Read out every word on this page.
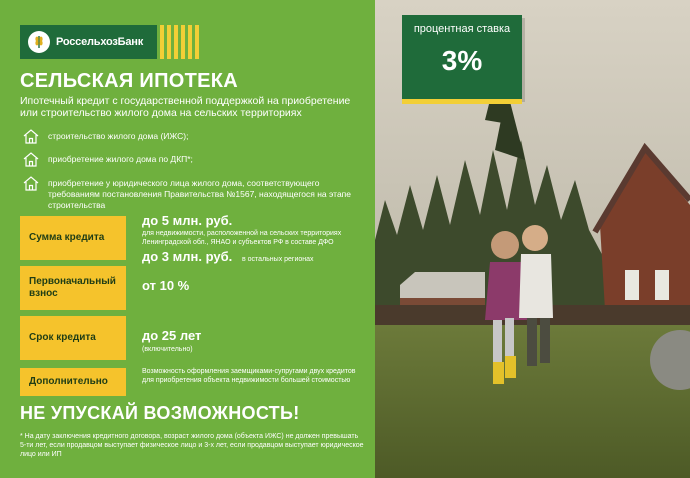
РоссельхозБанк
СЕЛЬСКАЯ ИПОТЕКА
Ипотечный кредит с государственной поддержкой на приобретение или строительство жилого дома на сельских территориях
строительство жилого дома (ИЖС);
приобретение жилого дома по ДКП*;
приобретение у юридического лица жилого дома, соответствующего требованиям постановления Правительства №1567, находящегося на этапе строительства
Сумма кредита
до 5 млн. руб.
для недвижимости, расположенной на сельских территориях Ленинградской обл., ЯНАО и субъектов РФ в составе ДФО
до 3 млн. руб. в остальных регионах
Первоначальный взнос
от 10 %
Срок кредита	до 25 лет
(включительно)
Дополнительно
Возможность оформления заемщиками-супругами двух кредитов для приобретения объекта недвижимости большей стоимостью
НЕ УПУСКАЙ ВОЗМОЖНОСТЬ!
* На дату заключения кредитного договора, возраст жилого дома (объекта ИЖС) не должен превышать 5-ти лет, если продавцом выступает физическое лицо и 3-х лет, если продавцом выступает юридическое лицо или ИП
процентная ставка
3%
